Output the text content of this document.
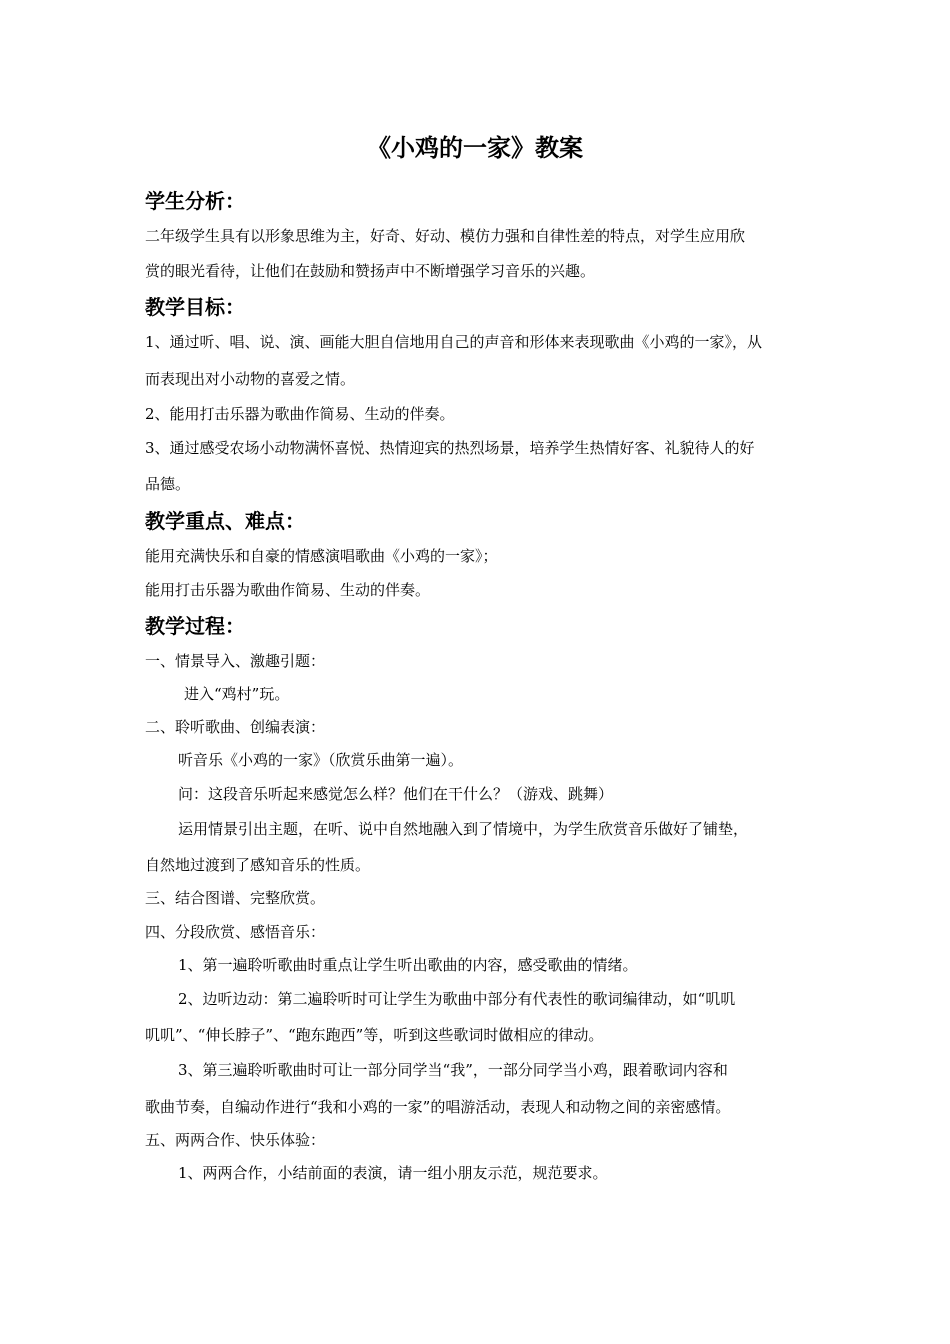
《小鸡的一家》教案
学生分析：
二年级学生具有以形象思维为主，好奇、好动、模仿力强和自律性差的特点，对学生应用欣
赏的眼光看待，让他们在鼓励和赞扬声中不断增强学习音乐的兴趣。
教学目标：
1、通过听、唱、说、演、画能大胆自信地用自己的声音和形体来表现歌曲《小鸡的一家》，从
而表现出对小动物的喜爱之情。
2、能用打击乐器为歌曲作简易、生动的伴奏。
3、通过感受农场小动物满怀喜悦、热情迎宾的热烈场景，培养学生热情好客、礼貌待人的好
品德。
教学重点、难点：
能用充满快乐和自豪的情感演唱歌曲《小鸡的一家》；
能用打击乐器为歌曲作简易、生动的伴奏。
教学过程：
一、情景导入、激趣引题：
进入“鸡村”玩。
二、聆听歌曲、创编表演：
听音乐《小鸡的一家》（欣赏乐曲第一遍）。
问：这段音乐听起来感觉怎么样？他们在干什么？（游戏、跳舞）
运用情景引出主题，在听、说中自然地融入到了情境中，为学生欣赏音乐做好了铺垫，
自然地过渡到了感知音乐的性质。
三、结合图谱、完整欣赏。
四、分段欣赏、感悟音乐：
1、第一遍聆听歌曲时重点让学生听出歌曲的内容，感受歌曲的情绪。
2、边听边动：第二遍聆听时可让学生为歌曲中部分有代表性的歌词编律动，如“叽叽
叽叽”、“伸长脖子”、“跑东跑西”等，听到这些歌词时做相应的律动。
3、第三遍聆听歌曲时可让一部分同学当“我”，一部分同学当小鸡，跟着歌词内容和
歌曲节奏，自编动作进行“我和小鸡的一家”的唱游活动，表现人和动物之间的亲密感情。
五、两两合作、快乐体验：
1、两两合作，小结前面的表演，请一组小朋友示范，规范要求。
